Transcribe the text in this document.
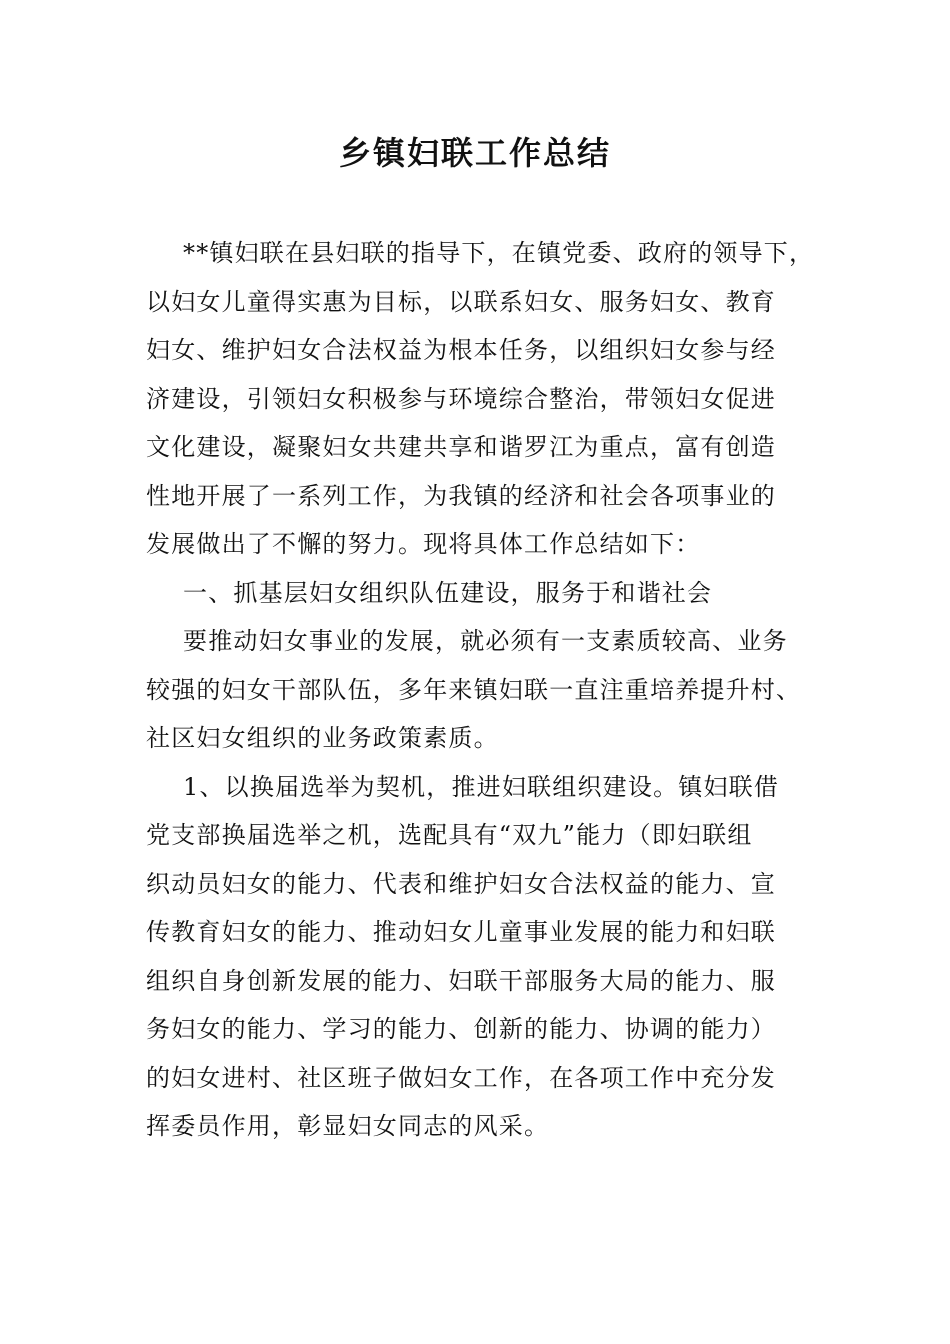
乡镇妇联工作总结
**镇妇联在县妇联的指导下，在镇党委、政府的领导下，
以妇女儿童得实惠为目标，以联系妇女、服务妇女、教育
妇女、维护妇女合法权益为根本任务，以组织妇女参与经
济建设，引领妇女积极参与环境综合整治，带领妇女促进
文化建设，凝聚妇女共建共享和谐罗江为重点，富有创造
性地开展了一系列工作，为我镇的经济和社会各项事业的
发展做出了不懈的努力。现将具体工作总结如下：
一、抓基层妇女组织队伍建设，服务于和谐社会
要推动妇女事业的发展，就必须有一支素质较高、业务
较强的妇女干部队伍，多年来镇妇联一直注重培养提升村、
社区妇女组织的业务政策素质。
1、以换届选举为契机，推进妇联组织建设。镇妇联借
党支部换届选举之机，选配具有“双九”能力（即妇联组
织动员妇女的能力、代表和维护妇女合法权益的能力、宣
传教育妇女的能力、推动妇女儿童事业发展的能力和妇联
组织自身创新发展的能力、妇联干部服务大局的能力、服
务妇女的能力、学习的能力、创新的能力、协调的能力）
的妇女进村、社区班子做妇女工作，在各项工作中充分发
挥委员作用，彰显妇女同志的风采。
